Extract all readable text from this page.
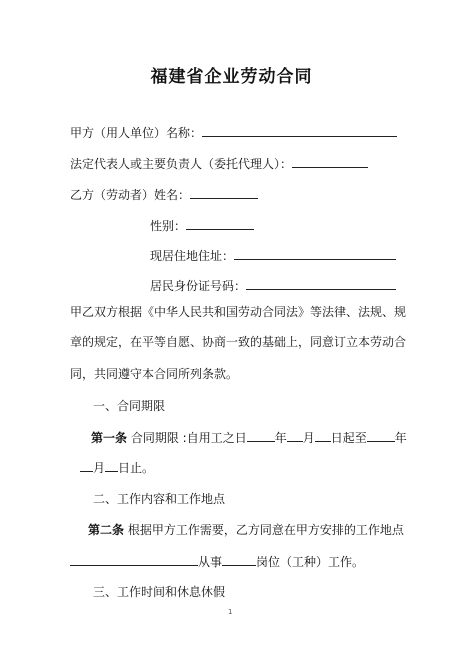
福建省企业劳动合同
甲方（用人单位）名称：
法定代表人或主要负责人（委托代理人）：
乙方（劳动者）姓名：
性别：
现居住地住址：
居民身份证号码：
甲乙双方根据《中华人民共和国劳动合同法》等法律、法规、规
章的规定，在平等自愿、协商一致的基础上，同意订立本劳动合
同，共同遵守本合同所列条款。
一、合同期限
第一条 合同期限 :自用工之日 年 月 日起至 年
月 日止。
二、工作内容和工作地点
第二条 根据甲方工作需要，乙方同意在甲方安排的工作地点
从事	岗位（工种）工作。
三、工作时间和休息休假
1
